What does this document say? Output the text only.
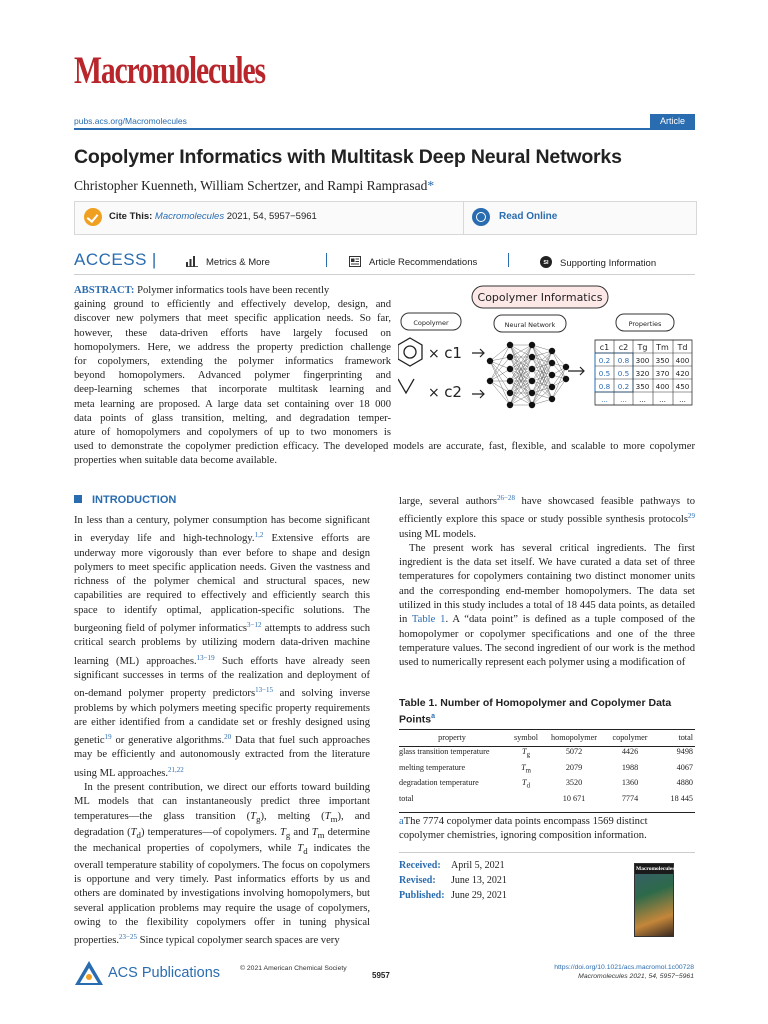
Macromolecules
pubs.acs.org/Macromolecules	Article
Copolymer Informatics with Multitask Deep Neural Networks
Christopher Kuenneth, William Schertzer, and Rampi Ramprasad*
Cite This: Macromolecules 2021, 54, 5957−5961	Read Online
ACCESS |	Metrics & More	Article Recommendations	SI Supporting Information
ABSTRACT: Polymer informatics tools have been recently
gaining ground to efficiently and effectively develop, design, and
discover new polymers that meet specific application needs. So far,
however, these data-driven efforts have largely focused on
homopolymers. Here, we address the property prediction challenge
for copolymers, extending the polymer informatics framework
beyond homopolymers. Advanced polymer fingerprinting and
deep-learning schemes that incorporate multitask learning and
meta learning are proposed. A large data set containing over 18 000
data points of glass transition, melting, and degradation temper-
ature of homopolymers and copolymers of up to two monomers is
used to demonstrate the copolymer prediction efficacy. The developed models are accurate, fast, flexible, and scalable to more copolymer properties when suitable data become available.
Copolymer Informatics
Copolymer	Neural Network	Properties
× c1
× c2
c1 c2 Tg Tm Td
0.2 0.8 300 350 400
0.5 0.5 320 370 420
0.8 0.2 350 400 450
... ... ... ... ...
INTRODUCTION

In less than a century, polymer consumption has become significant in everyday life and high-technology.$^{1,2}$ Extensive efforts are underway more vigorously than ever before to shape and design polymers to meet specific application needs. Given the vastness and richness of the polymer chemical and structural spaces, new capabilities are required to effectively and efficiently search this space to identify optimal, application-specific solutions. The burgeoning field of polymer informatics$^{3-12}$ attempts to address such critical search problems by utilizing modern data-driven machine learning (ML) approaches.$^{13-19}$ Such efforts have already seen significant successes in terms of the realization and deployment of on-demand polymer property predictors$^{13-15}$ and solving inverse problems by which polymers meeting specific property requirements are either identified from a candidate set or freshly designed using genetic$^{19}$ or generative algorithms.$^{20}$ Data that fuel such approaches may be efficiently and autonomously extracted from the literature using ML approaches.$^{21,22}$

In the present contribution, we direct our efforts toward building ML models that can instantaneously predict three important temperatures—the glass transition $(T_g)$, melting $(T_m)$, and degradation $(T_d)$ temperatures—of copolymers. $T_g$ and $T_m$ determine the mechanical properties of copolymers, while $T_d$ indicates the overall temperature stability of copolymers. The focus on copolymers is opportune and very timely. Past informatics efforts by us and others are dominated by investigations involving homopolymers, but several application problems may require the usage of copolymers, owing to the flexibility copolymers offer in tuning physical properties.$^{23-25}$ Since typical copolymer search spaces are very

large, several authors$^{26-28}$ have showcased feasible pathways to efficiently explore this space or study possible synthesis protocols$^{29}$ using ML models.

The present work has several critical ingredients. The first ingredient is the data set itself. We have curated a data set of three temperatures for copolymers containing two distinct monomer units and the corresponding end-member homopolymers. The data set utilized in this study includes a total of 18 445 data points, as detailed in Table 1. A “data point” is defined as a tuple composed of the homopolymer or copolymer specifications and one of the three temperature values. The second ingredient of our work is the method used to numerically represent each polymer using a modification of

Table 1. Number of Homopolymer and Copolymer Data Points$^a$
property	symbol	homopolymer	copolymer	total
glass transition temperature	$T_g$	5072	4426	9498
melting temperature	$T_m$	2079	1988	4067
degradation temperature	$T_d$	3520	1360	4880
total		10 671	7774	18 445
aThe 7774 copolymer data points encompass 1569 distinct copolymer chemistries, ignoring composition information.
Received: April 5, 2021
Revised: June 13, 2021
Published: June 29, 2021
Macromolecules
ACS Publications	© 2021 American Chemical Society
5957
https://doi.org/10.1021/acs.macromol.1c00728
Macromolecules 2021, 54, 5957−5961
